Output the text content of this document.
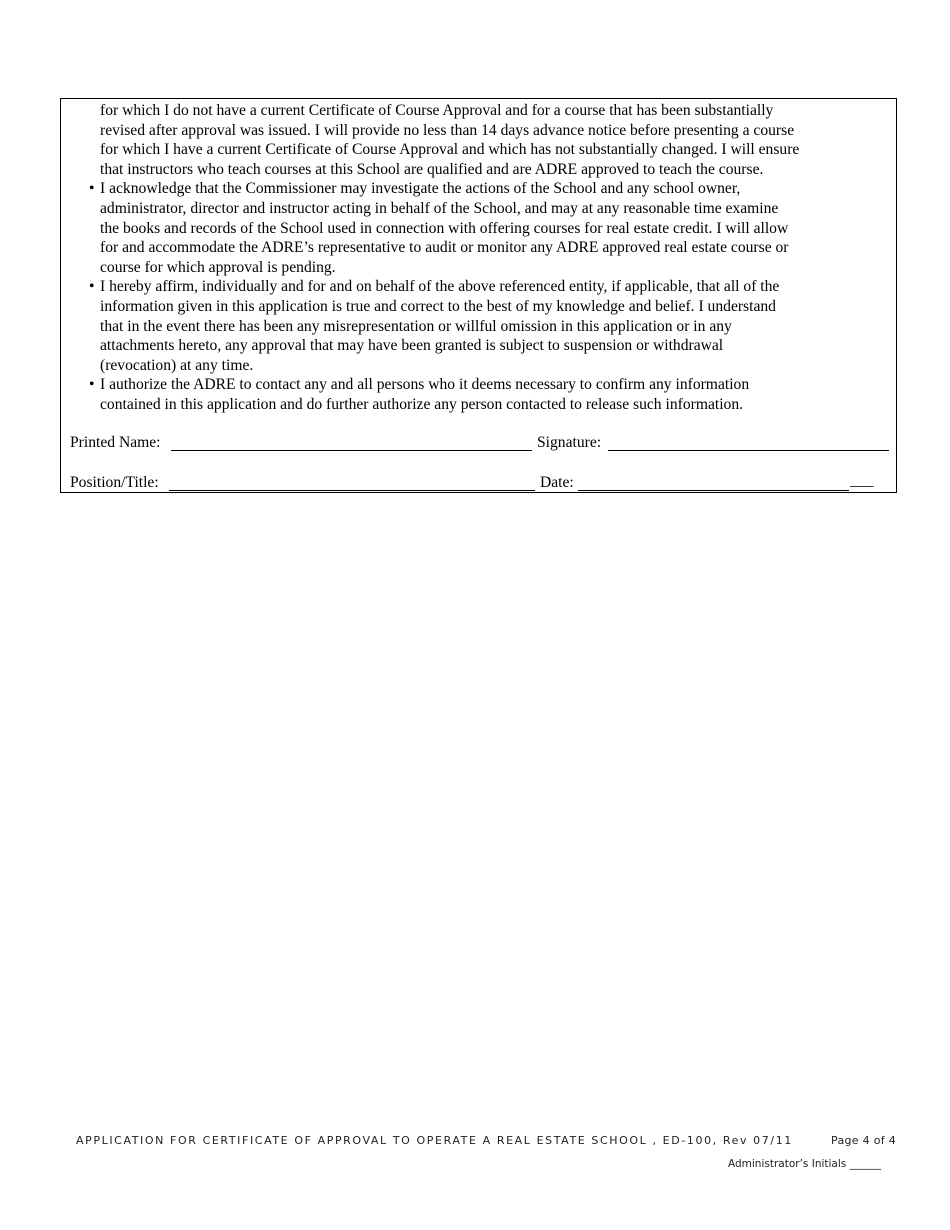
for which I do not have a current Certificate of Course Approval and for a course that has been substantially
revised after approval was issued. I will provide no less than 14 days advance notice before presenting a course
for which I have a current Certificate of Course Approval and which has not substantially changed. I will ensure
that instructors who teach courses at this School are qualified and are ADRE approved to teach the course.
• I acknowledge that the Commissioner may investigate the actions of the School and any school owner,
administrator, director and instructor acting in behalf of the School, and may at any reasonable time examine
the books and records of the School used in connection with offering courses for real estate credit. I will allow
for and accommodate the ADRE’s representative to audit or monitor any ADRE approved real estate course or
course for which approval is pending.
• I hereby affirm, individually and for and on behalf of the above referenced entity, if applicable, that all of the
information given in this application is true and correct to the best of my knowledge and belief. I understand
that in the event there has been any misrepresentation or willful omission in this application or in any
attachments hereto, any approval that may have been granted is subject to suspension or withdrawal
(revocation) at any time.
• I authorize the ADRE to contact any and all persons who it deems necessary to confirm any information
contained in this application and do further authorize any person contacted to release such information.
Printed Name:	Signature:
Position/Title:	Date:	___
APPLICATION FOR CERTIFICATE OF APPROVAL TO OPERATE A REAL ESTATE SCHOOL , ED-100, Rev 07/11	Page 4 of 4
Administrator’s Initials ______
